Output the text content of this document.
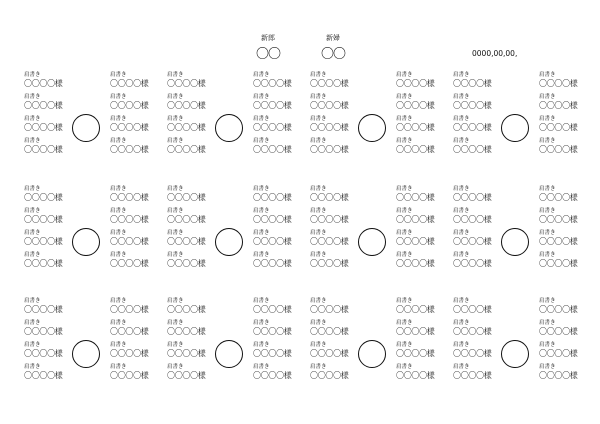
新郎
〇〇
新婦
〇〇	0000,00,00,
肩書き
〇〇〇〇様
肩書き
〇〇〇〇様
肩書き
〇〇〇〇様
肩書き
〇〇〇〇様
肩書き
〇〇〇〇様
肩書き
〇〇〇〇様
肩書き
〇〇〇〇様
肩書き
〇〇〇〇様
肩書き
〇〇〇〇様
肩書き
〇〇〇〇様
肩書き
〇〇〇〇様
肩書き
〇〇〇〇様
肩書き
〇〇〇〇様
肩書き
〇〇〇〇様
肩書き
〇〇〇〇様
肩書き
〇〇〇〇様
肩書き
〇〇〇〇様
肩書き
〇〇〇〇様
肩書き
〇〇〇〇様
肩書き
〇〇〇〇様
肩書き
〇〇〇〇様
肩書き
〇〇〇〇様
肩書き
〇〇〇〇様
肩書き
〇〇〇〇様
肩書き
〇〇〇〇様
肩書き
〇〇〇〇様
肩書き
〇〇〇〇様
肩書き
〇〇〇〇様
肩書き
〇〇〇〇様
肩書き
〇〇〇〇様
肩書き
〇〇〇〇様
肩書き
〇〇〇〇様
肩書き
〇〇〇〇様
肩書き
〇〇〇〇様
肩書き
〇〇〇〇様
肩書き
〇〇〇〇様
肩書き
〇〇〇〇様
肩書き
〇〇〇〇様
肩書き
〇〇〇〇様
肩書き
〇〇〇〇様
肩書き
〇〇〇〇様
肩書き
〇〇〇〇様
肩書き
〇〇〇〇様
肩書き
〇〇〇〇様
肩書き
〇〇〇〇様
肩書き
〇〇〇〇様
肩書き
〇〇〇〇様
肩書き
〇〇〇〇様
肩書き
〇〇〇〇様
肩書き
〇〇〇〇様
肩書き
〇〇〇〇様
肩書き
〇〇〇〇様
肩書き
〇〇〇〇様
肩書き
〇〇〇〇様
肩書き
〇〇〇〇様
肩書き
〇〇〇〇様
肩書き
〇〇〇〇様
肩書き
〇〇〇〇様
肩書き
〇〇〇〇様
肩書き
〇〇〇〇様
肩書き
〇〇〇〇様
肩書き
〇〇〇〇様
肩書き
〇〇〇〇様
肩書き
〇〇〇〇様
肩書き
〇〇〇〇様
肩書き
〇〇〇〇様
肩書き
〇〇〇〇様
肩書き
〇〇〇〇様
肩書き
〇〇〇〇様
肩書き
〇〇〇〇様
肩書き
〇〇〇〇様
肩書き
〇〇〇〇様
肩書き
〇〇〇〇様
肩書き
〇〇〇〇様
肩書き
〇〇〇〇様
肩書き
〇〇〇〇様
肩書き
〇〇〇〇様
肩書き
〇〇〇〇様
肩書き
〇〇〇〇様
肩書き
〇〇〇〇様
肩書き
〇〇〇〇様
肩書き
〇〇〇〇様
肩書き
〇〇〇〇様
肩書き
〇〇〇〇様
肩書き
〇〇〇〇様
肩書き
〇〇〇〇様
肩書き
〇〇〇〇様
肩書き
〇〇〇〇様
肩書き
〇〇〇〇様
肩書き
〇〇〇〇様
肩書き
〇〇〇〇様
肩書き
〇〇〇〇様
肩書き
〇〇〇〇様
肩書き
〇〇〇〇様
肩書き
〇〇〇〇様
肩書き
〇〇〇〇様
